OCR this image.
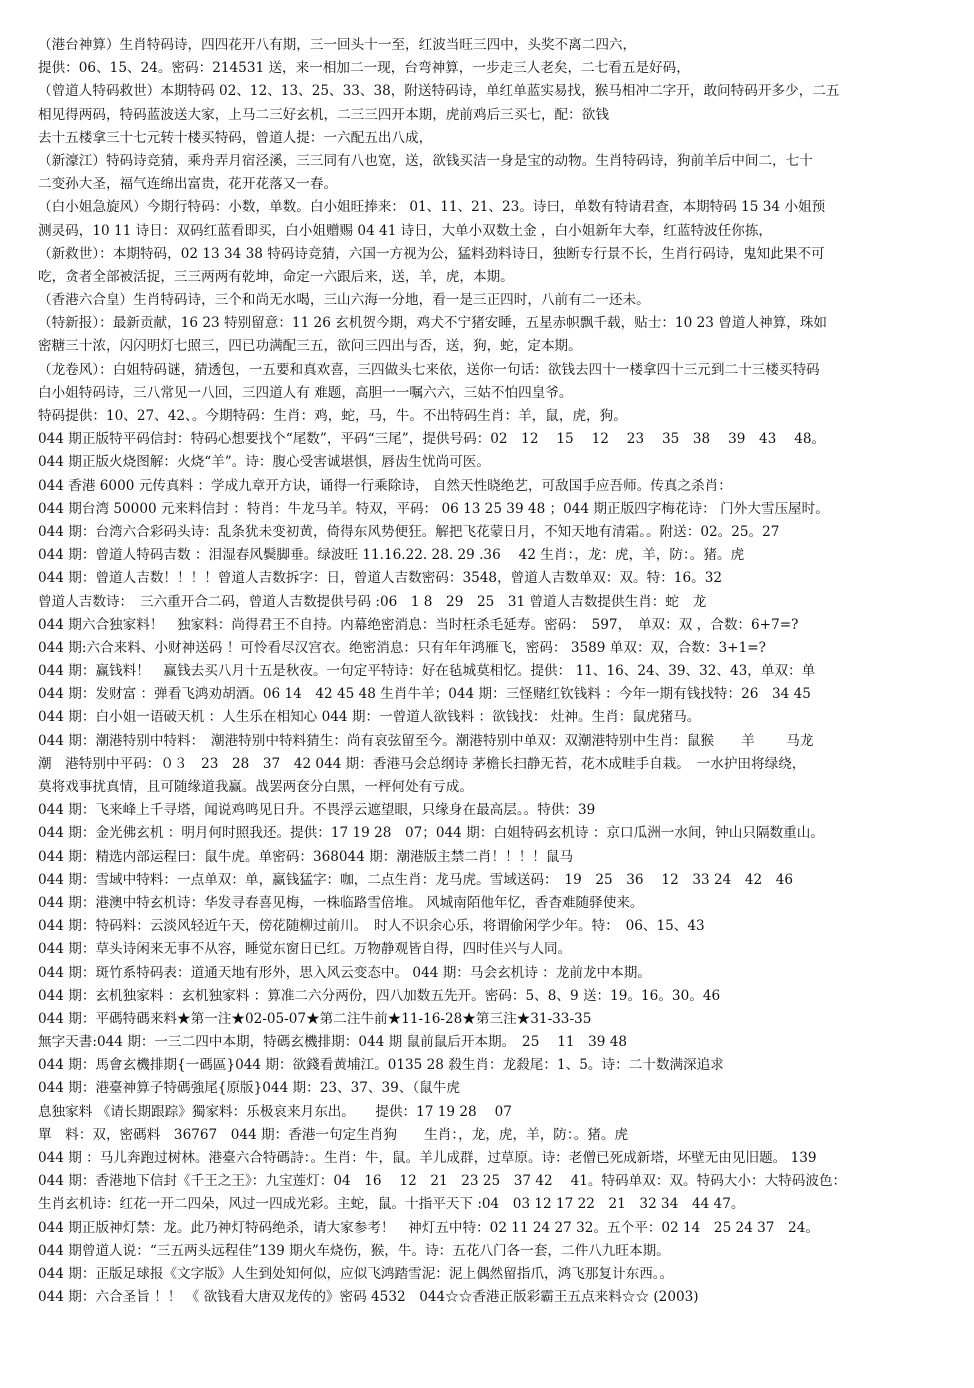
（港台神算）生肖特码诗，四四花开八有期，三一回头十一至，红波当旺三四中，头奖不离二四六，
提供：06、15、24。密码：214531 送，来一相加二一现，台弯神算，一步走三人老矣，二七看五是好码，
（曾道人特码救世）本期特码 02、12、13、25、33、38，附送特码诗，单红单蓝实易找，猴马相冲二字开，敢问特码开多少，二五
相见得两码，特码蓝波送大家，上马二三好玄机，二三三四开本期，虎前鸡后三买七，配：欲钱
去十五楼拿三十七元转十楼买特码，曾道人提：一六配五出八成，
（新濠江）特码诗竞猜，乘舟弄月宿泾溪，三三同有八也宽，送，欲钱买洁一身是宝的动物。生肖特码诗，狗前羊后中间二，七十
二变孙大圣，福气连绵出富贵，花开花落又一春。
（白小姐急旋风）今期行特码：小数，单数。白小姐旺捧来： 01、11、21、23。诗曰，单数有特请君查，本期特码 15 34 小姐预
测灵码，10 11 诗日：双码红蓝看即买，白小姐赠赐 04 41 诗日，大单小双数土金 ，白小姐新年大奉，红蓝特波任你拣，
（新救世）：本期特码，02 13 34 38 特码诗竞猜，六国一方视为公，猛料劲料诗日，独断专行景不长，生肖行码诗，鬼知此果不可
吃，贪者全部被活捉，三三两两有乾坤，命定一六跟后来，送，羊，虎，本期。
（香港六合皇）生肖特码诗，三个和尚无水喝，三山六海一分地，看一是三正四时，八前有二一还未。
（特新报）：最新贡献，16 23 特别留意：11 26 玄机贺今期，鸡犬不宁猪安睡，五星赤帜飘千载，贴士：10 23 曾道人神算，珠如
密糖三十浓，闪闪明灯七照三，四已功满配三五，欲问三四出与否，送，狗，蛇，定本期。
（龙卷风）：白姐特码谜，猜透包，一五要和真欢喜，三四做头七来依，送你一句话：欲钱去四十一楼拿四十三元到二十三楼买特码
白小姐特码诗，三八常见一八回，三四道人有 难题，高胆一一嘱六六，三姑不怕四皇爷。
特码提供：10、27、42、。今期特码：生肖：鸡，蛇，马，牛。不出特码生肖：羊，鼠，虎，狗。
044 期正版特平码信封：特码心想要找个“尾数”，平码“三尾”，提供号码：02　12　 15　 12　 23　 35　38　 39　43　 48。
044 期正版火烧图解：火烧“羊”。诗：腹心受害诚堪惧，唇齿生忧尚可医。
044 香港 6000 元传真料 ：学成九章开方诀，诵得一行乘除诗， 自然天性晓绝艺，可敌国手应吾师。传真之杀肖：
044 期台湾 50000 元来料信封 ：特肖：牛龙马羊。特双，平码： 06 13 25 39 48 ；044 期正版四字梅花诗： 门外大雪压屋时。
044 期：台湾六合彩码头诗：乱条犹未变初黄，倚得东风势便狂。解把飞花蒙日月，不知天地有清霜。。附送：02。25。27
044 期：曾道人特码吉数 ：泪湿春风鬓脚垂。绿波旺 11.16.22. 28. 29 .36　 42 生肖：，龙：虎，羊，防：。猪。虎
044 期：曾道人吉数！！！！曾道人吉数拆字：日，曾道人吉数密码：3548，曾道人吉数单双：双。特：16。32
曾道人吉数诗：　三六重开合二码，曾道人吉数提供号码 :06　1 8　29　25　31 曾道人吉数提供生肖：蛇　龙
044 期六合独家料！　独家料：尚得君王不自持。内幕绝密消息：当时枉杀毛延寿。密码：　597，　单双：双 ，合数：6+7=?
044 期:六合来料、小财神送码 ！可怜看尽汉宫衣。绝密消息：只有年年鸿雁飞，密码： 3589 单双：双，合数：3+1=?
044 期：赢钱料！　赢钱去买八月十五是秋夜。一句定平特诗：好在毡城莫相忆。提供： 11、16、24、39、32、43，单双：单
044 期：发财富 ：弹看飞鸿劝胡酒。06 14　42 45 48 生肖牛羊；044 期：三怪赌红钦钱料 ：今年一期有钱找特：26　34 45
044 期：白小姐一语破天机 ：人生乐在相知心 044 期：一曾道人欲钱料 ：欲钱找： 灶神。生肖：鼠虎猪马。
044 期：潮港特别中特料：　潮港特别中特料猜生：尚有哀弦留至今。潮港特别中单双：双潮港特别中生肖：鼠猴　　羊　　 马龙
潮　港特别中平码：０３　23　28　37　42 044 期：香港马会总纲诗 茅檐长扫静无苔，花木成畦手自栽。　一水护田将绿绕，
莫将戏事扰真情，且可随缘道我赢。战罢两奁分白黑，一枰何处有亏成。
044 期：飞来峰上千寻塔，闻说鸡鸣见日升。不畏浮云遮望眼，只缘身在最高层。。特供：39
044 期：金光佛玄机 ：明月何时照我还。提供：17 19 28　07；044 期：白姐特码玄机诗 ：京口瓜洲一水间，钟山只隔数重山。
044 期：精选内部运程曰：鼠牛虎。单密码：368044 期：潮港版主禁二肖！！！！鼠马
044 期：雪域中特料：一点单双：单，赢钱猛字：咖，二点生肖：龙马虎。雪域送码：　19　25　36　 12　33 24　42　46
044 期：港澳中特玄机诗：华发寻春喜见梅，一株临路雪倍堆。 风城南陌他年忆，香杳难随驿使来。
044 期：特码料：云淡风轻近午天，傍花随柳过前川。　时人不识余心乐，将谓偷闲学少年。特：　06、15、43
044 期：草头诗闲来无事不从容，睡觉东窗日已红。万物静观皆自得，四时佳兴与人同。
044 期：斑竹系特码表：道通天地有形外，思入风云变态中。 044 期：马会玄机诗 ：龙前龙中本期。
044 期：玄机独家料 ：玄机独家料 ：算准二六分两份，四八加数五先开。密码：5、8、9 送：19。16。30。46
044 期：平碼特碼来料★第一注★02-05-07★第二注牛前★11-16-28★第三注★31-33-35
無字天書:044 期：一三二四中本期，特碼玄機排期：044 期 鼠前鼠后开本期。　25　 11　39 48
044 期：馬會玄機排期{一碼區}044 期：欲錢看黄埔江。0135 28 殺生肖：龙殺尾：1、5。诗：二十数满深追求
044 期：港臺神算子特碼強尾{原版}044 期：23、37、39、（鼠牛虎
息独家料 《请长期跟踪》獨家料：乐极哀来月东出。　　提供：17 19 28　 07
單　料：双，密碼料　36767　044 期：香港一句定生肖狗　　生肖：，龙，虎，羊，防：。猪。虎
044 期 ：马儿奔跑过树林。港臺六合特碼詩：。生肖：牛，鼠。羊儿成群，过草原。诗：老僧已死成新塔，坏壁无由见旧题。 139
044 期：香港地下信封《千王之王》：九宝莲灯：04　16　 12　21　23 25　37 42　 41。特码单双：双。特码大小：大特码波色：
生肖玄机诗：红花一开二四朵，风过一四成光彩。主蛇，鼠。十指平天下 :04　03 12 17 22　21　32 34　44 47。
044 期正版神灯禁：龙。此乃神灯特码绝杀，请大家参考！　神灯五中特：02 11 24 27 32。五个平：02 14　25 24 37　24。
044 期曾道人说：“三五两头远程佳”139 期火车烧伤，猴，牛。诗：五花八门各一套，二件八九旺本期。
044 期：正版足球报《文字版》人生到处知何似，应似飞鸿踏雪泥：泥上偶然留指爪，鸿飞那复计东西。。
044 期：六合圣旨 ！！ 《 欲钱看大唐双龙传的》密码 4532　044☆☆香港正版彩霸王五点来料☆☆ (2003)
